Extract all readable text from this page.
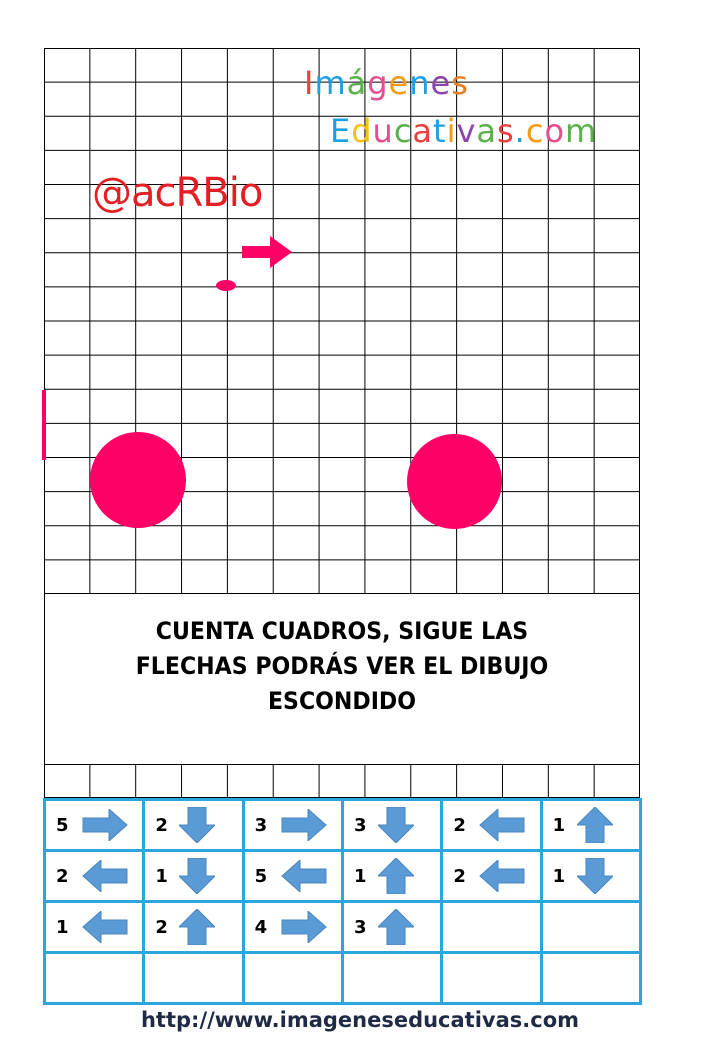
Imágenes
Educativas.com
@acRBio
CUENTA CUADROS, SIGUE LAS
FLECHAS PODRÁS VER EL DIBUJO
ESCONDIDO
5	2	3	3	2	1

2	1	5	1	2	1

1	2	4	3		

http://www.imageneseducativas.com
